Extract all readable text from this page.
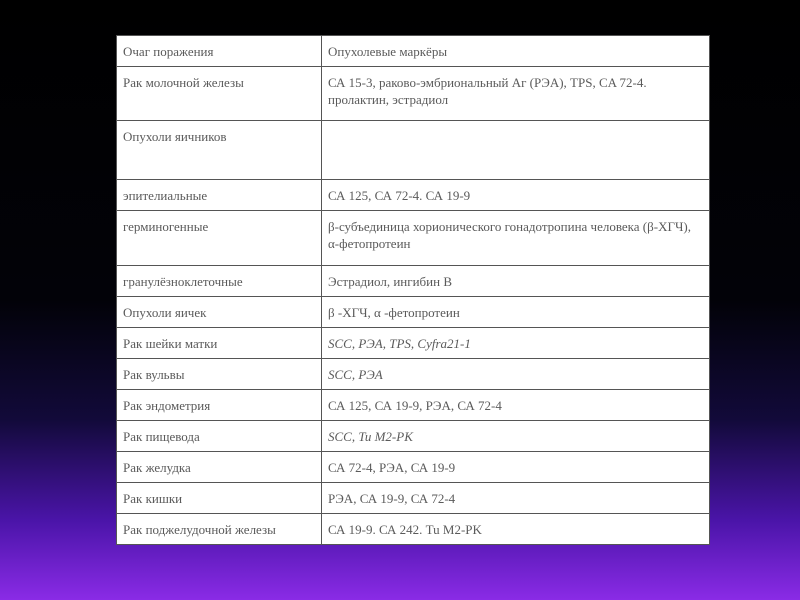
Очаг поражения	Опухолевые маркёры
Рак молочной железы	СА 15-3, раково-эмбриональный Аг (РЭА), TPS, CA 72-4. пролактин, эстрадиол
Опухоли яичников	
эпителиальные	СА 125, СА 72-4. СА 19-9
герминогенные	β-субъединица хорионического гонадотропина человека (β-ХГЧ), α-фетопротеин
гранулёзноклеточные	Эстрадиол, ингибин В
Опухоли яичек	β -ХГЧ, α -фетопротеин
Рак шейки матки	SCC, РЭА, TPS, Cyfra21-1
Рак вульвы	SCC, РЭА
Рак эндометрия	СА 125, СА 19-9, РЭА, СА 72-4
Рак пищевода	SCC, Tu M2-PK
Рак желудка	СА 72-4, РЭА, СА 19-9
Рак кишки	РЭА, СА 19-9, СА 72-4
Рак поджелудочной железы	СА 19-9. СА 242. Tu M2-PK
